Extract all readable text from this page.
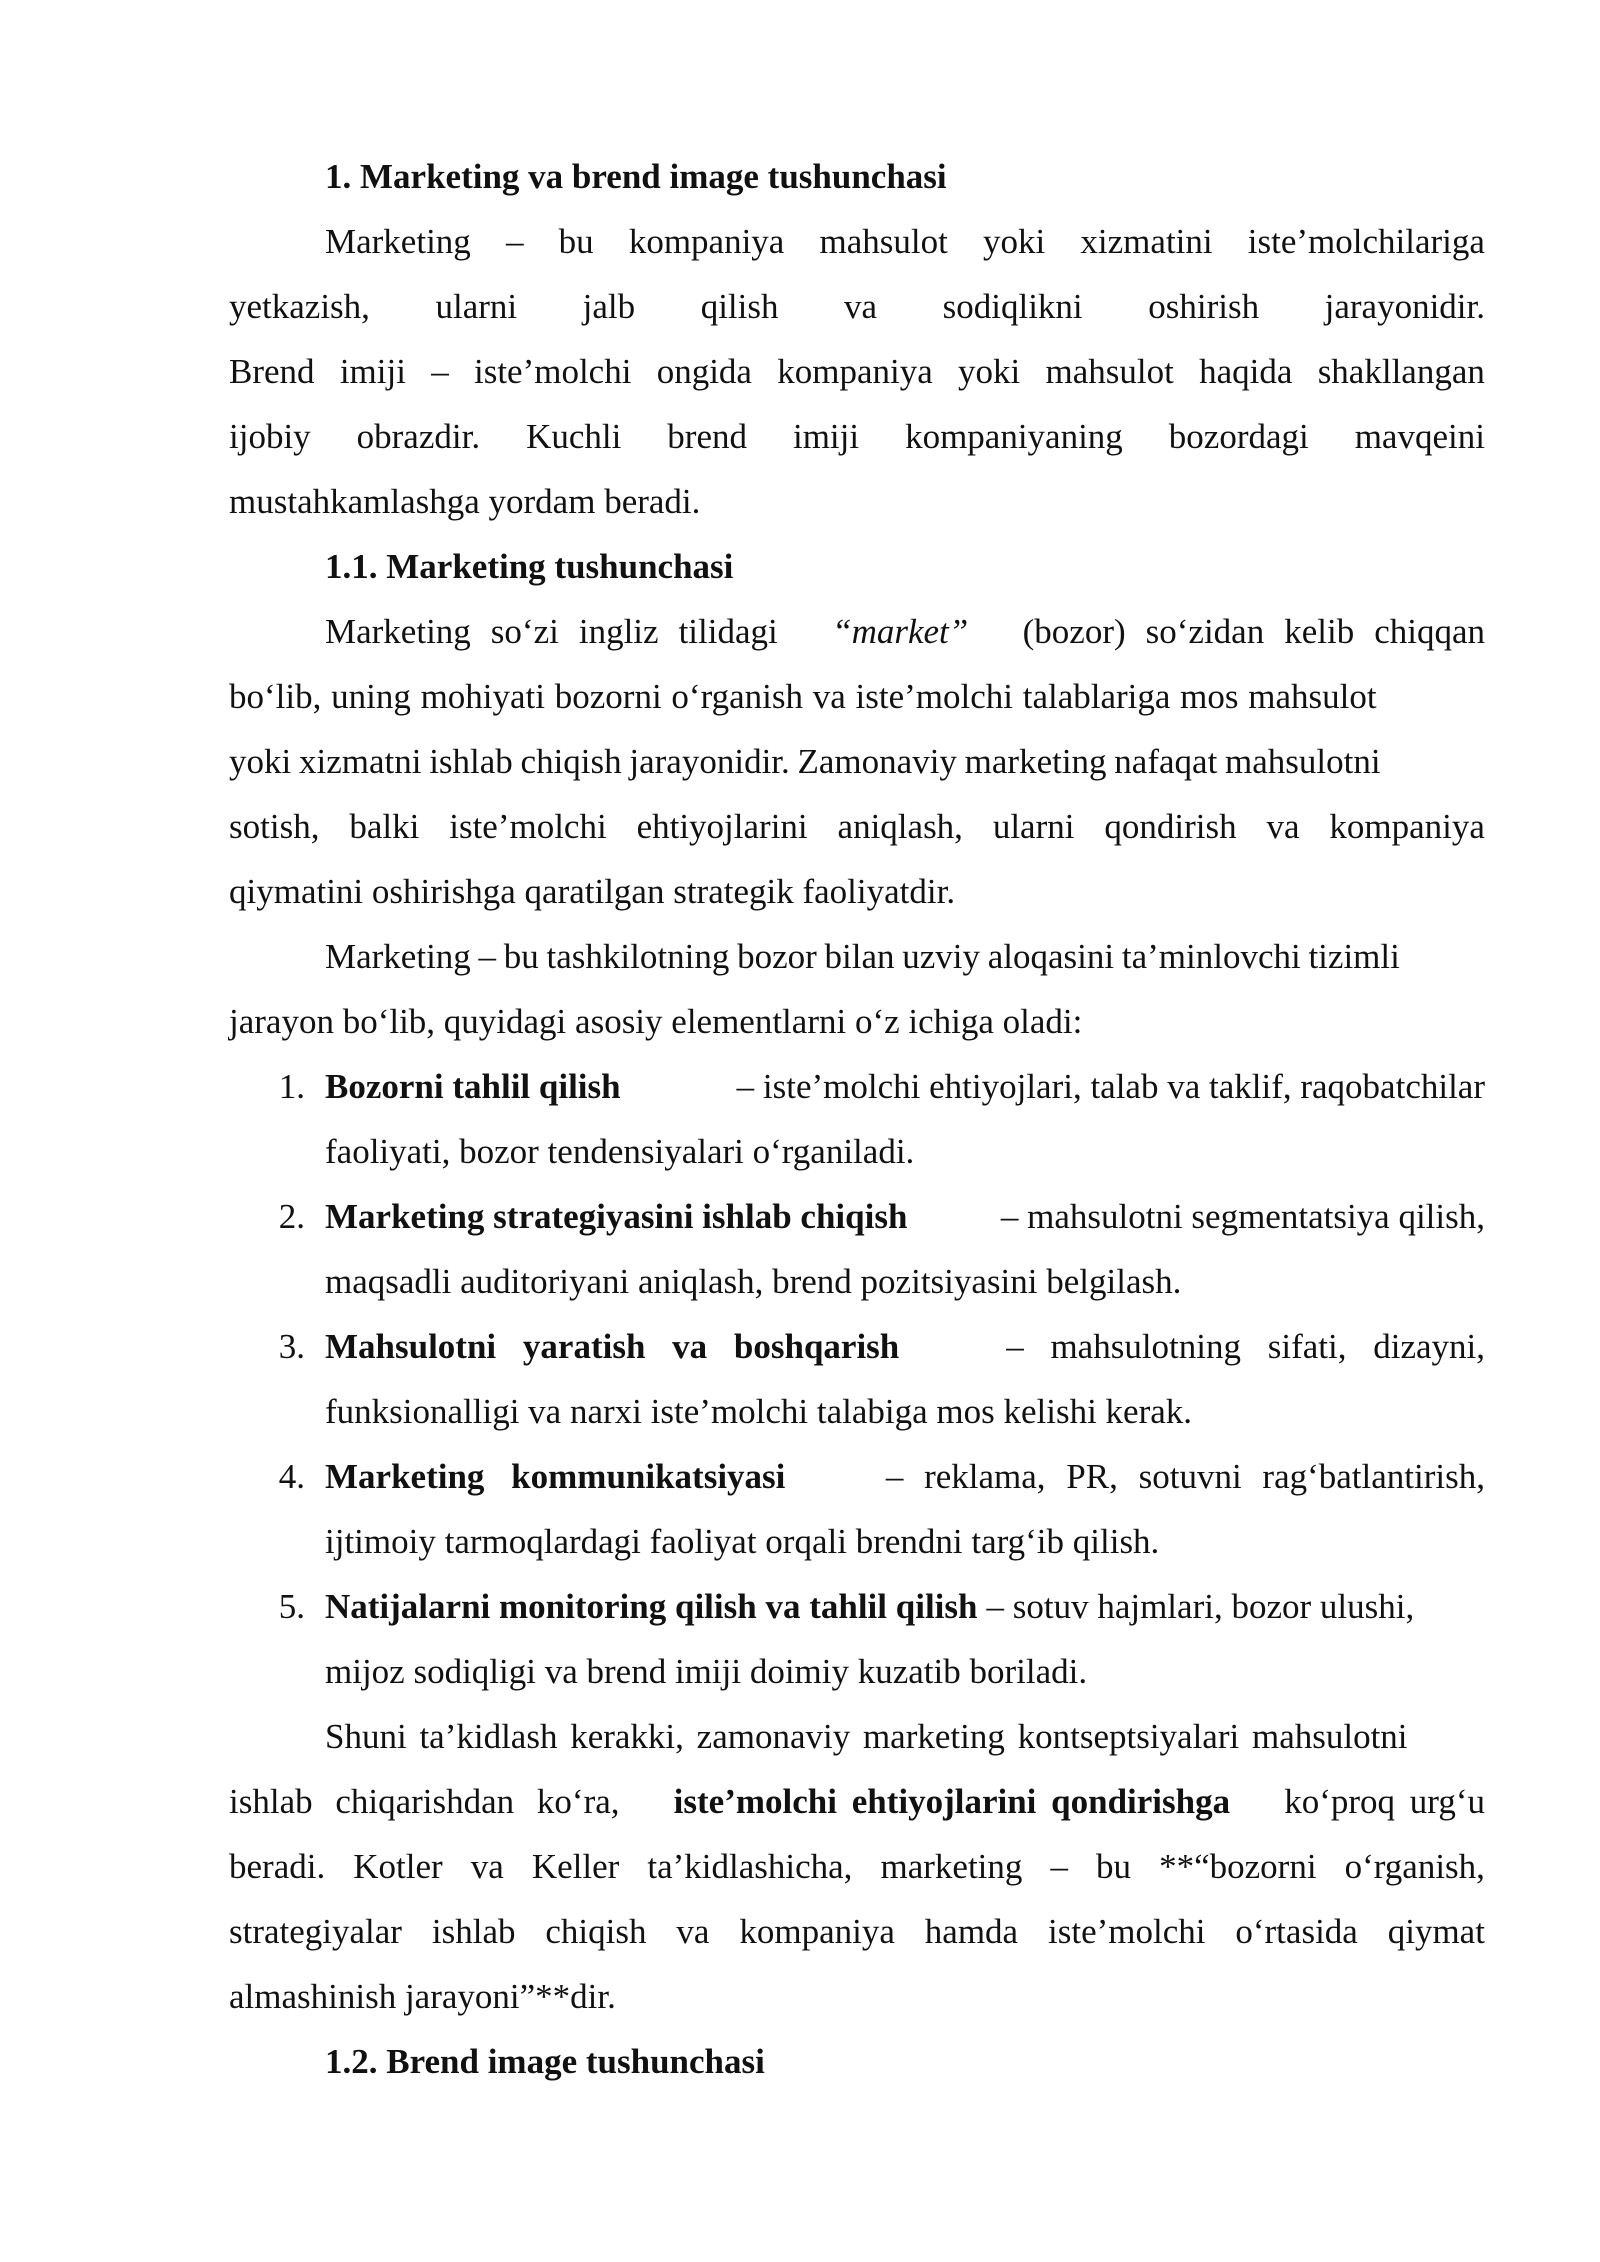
1. Marketing va brend image tushunchasi
Marketing – bu kompaniya mahsulot yoki xizmatini iste’molchilariga
yetkazish, ularni jalb qilish va sodiqlikni oshirish jarayonidir.
Brend imiji – iste’molchi ongida kompaniya yoki mahsulot haqida shakllangan
ijobiy obrazdir. Kuchli brend imiji kompaniyaning bozordagi mavqeini
mustahkamlashga yordam beradi.
1.1. Marketing tushunchasi
Marketing so‘zi ingliz tilidagi “market” (bozor) so‘zidan kelib chiqqan
bo‘lib, uning mohiyati bozorni o‘rganish va iste’molchi talablariga mos mahsulot
yoki xizmatni ishlab chiqish jarayonidir. Zamonaviy marketing nafaqat mahsulotni
sotish, balki iste’molchi ehtiyojlarini aniqlash, ularni qondirish va kompaniya
qiymatini oshirishga qaratilgan strategik faoliyatdir.
Marketing – bu tashkilotning bozor bilan uzviy aloqasini ta’minlovchi tizimli
jarayon bo‘lib, quyidagi asosiy elementlarni o‘z ichiga oladi:
1. Bozorni tahlil qilish	– iste’molchi ehtiyojlari, talab va taklif, raqobatchilar
faoliyati, bozor tendensiyalari o‘rganiladi.
2. Marketing strategiyasini ishlab chiqish	– mahsulotni segmentatsiya qilish,
maqsadli auditoriyani aniqlash, brend pozitsiyasini belgilash.
3. Mahsulotni yaratish va boshqarish	– mahsulotning sifati, dizayni,
funksionalligi va narxi iste’molchi talabiga mos kelishi kerak.
4. Marketing kommunikatsiyasi	– reklama, PR, sotuvni rag‘batlantirish,
ijtimoiy tarmoqlardagi faoliyat orqali brendni targ‘ib qilish.
5. Natijalarni monitoring qilish va tahlil qilish – sotuv hajmlari, bozor ulushi,
mijoz sodiqligi va brend imiji doimiy kuzatib boriladi.
Shuni ta’kidlash kerakki, zamonaviy marketing kontseptsiyalari mahsulotni
ishlab chiqarishdan ko‘ra, iste’molchi ehtiyojlarini qondirishga ko‘proq urg‘u
beradi. Kotler va Keller ta’kidlashicha, marketing – bu **“bozorni o‘rganish,
strategiyalar ishlab chiqish va kompaniya hamda iste’molchi o‘rtasida qiymat
almashinish jarayoni”**dir.
1.2. Brend image tushunchasi
